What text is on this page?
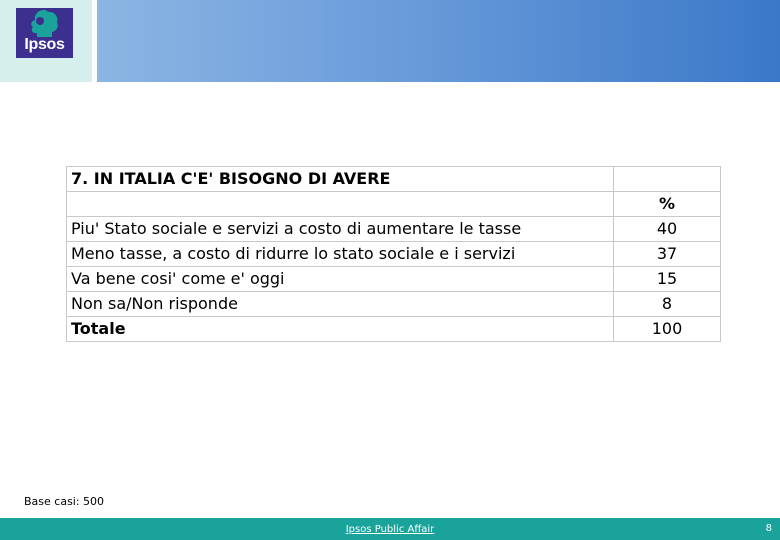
Ipsos
7. IN ITALIA C'E' BISOGNO DI AVERE	
	%
Piu' Stato sociale e servizi a costo di aumentare le tasse	40
Meno tasse, a costo di ridurre lo stato sociale e i servizi	37
Va bene cosi' come e' oggi	15
Non sa/Non risponde	8
Totale	100
Base casi: 500
Ipsos Public Affair	8
